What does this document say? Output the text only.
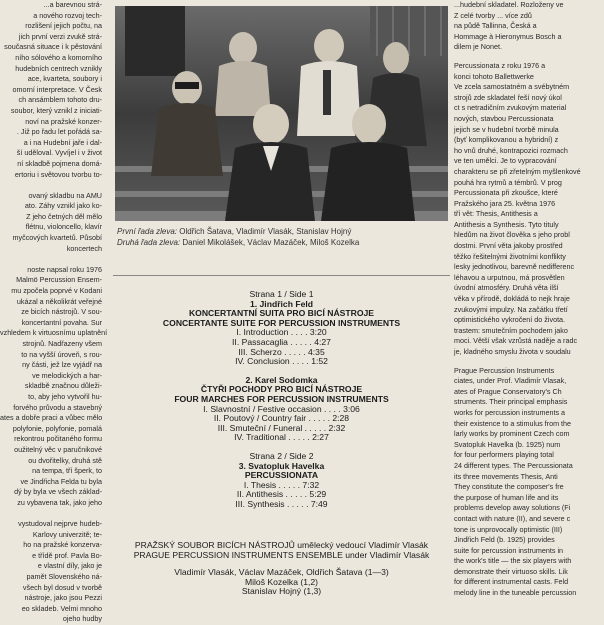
...a barevnou strá-

a nového rozvoj tech-

rozlišení jejich počtu, na

jich první verzi zvukě strá-

současná situace i k pěstování

ního sólového a komorního

hudebních centrech vznikly

ace, kvarteta, soubory i

omorní interpretace. V Česk

ch ansámblem tohoto dru-

soubor, který vznikl z iniciati-

noví na pražské konzer-

. Již po řadu let pořádá sa-

a i na Hudební jaře i dal-

ší uděloval. Vyvíjel i v život

ní skladbě pojmena domá-

ertoriu i světovou tvorbu to-

ovaný skladbu na AMU

ato. Záhy vznikl jako ko-

Z jeho četných děl mělo

flétnu, violoncello, klavír

myčcových kvartetů. Působí

koncertech

noste napsal roku 1976

Malmö Percussion Ensem-

mu zpočela poprvé v Kodani

ukázal a několikrát veřejné

ze bicích nástrojů. V sou-

koncertantní povaha. Sur

vzhledem k virtuosnímu uplatnění

strojnů. Nadřazeny všem

to na vyšší úroveň, s rou-

ny části, jež lze vyjádř na

ve melodických a har-

skladbě značnou důleži-

to, aby jeho vytvořil hu-

forvého průvodu a stavebný

ates a dobře praci a vůbec mělo

polyfonie, polyfonie, pomalá

rekontrou počitaného formu

oužitelný věc v paručnikové

ou dvořitelky, druhá stě

na tempa, tří šperk, to

ve Jindřicha Felda tu byla

dý by byla ve všech základ-

zu vybavena tak, jako jeho

vystudoval nejprve hudeb-

Karlovy univerzitě; te-

ho na pražské konzerva-

e třídě prof. Pavla Bo-

e vlastní díly, jako je

pamět Slovenského ná-

všech byl dosud v tvorbě

nástroje, jako jsou Pezzi

eo skladeb. Velmi mnoho

ojeho hudby

První řada zleva: Oldřich Šatava, Vladimír Vlasák, Stanislav Hojný
Druhá řada zleva: Daniel Mikolášek, Václav Mazáček, Miloš Kozelka

Strana 1 / Side 1

1. Jindřich Feld

KONCERTANTNÍ SUITA PRO BICÍ NÁSTROJE

CONCERTANTE SUITE FOR PERCUSSION INSTRUMENTS

I. Introduction . . . . 3:20

II. Passacaglia . . . . . 4:27

III. Scherzo . . . . . 4:35

IV. Conclusion . . . . 1:52

2. Karel Sodomka

ČTYŘI POCHODY PRO BICÍ NÁSTROJE

FOUR MARCHES FOR PERCUSSION INSTRUMENTS

I. Slavnostní / Festive occasion . . . . 3:06

II. Poutový / Country fair . . . . . 2:28

III. Smuteční / Funeral . . . . . 2:32

IV. Traditional . . . . . 2:27

Strana 2 / Side 2

3. Svatopluk Havelka

PERCUSSIONATA

I. Thesis . . . . . 7:32

II. Antithesis . . . . . 5:29

III. Synthesis . . . . . 7:49

PRAŽSKÝ SOUBOR BICÍCH NÁSTROJŮ umělecký vedoucí Vladimír Vlasák

PRAGUE PERCUSSION INSTRUMENTS ENSEMBLE under Vladimír Vlasák

Vladimír Vlasák, Václav Mazáček, Oldřich Šatava (1—3)

Miloš Kozelka (1,2)

Stanislav Hojný (1,3)

...hudební skladatel. Rozloženy ve

Z celé tvorby ... více zdů

na půdě Tallinna, Česká a

Hommage à Hieronymus Bosch a

dilem je Nonet.

Percussionata z roku 1976 a

konci tohoto Ballettwerke

Ve zcela samostatném a svébytném

strojů zde skladatel řeší nový úkol

ct s netradičním zvukovým material

nových, stavbou Percussionata

jejich se v hudební tvorbě minula

(byť komplikovanou a hybridní) z

ho vnů druhé, kontrapozici rozmach

ve ten umělci. Je to vypracování

charakteru se při zřetelným myšlenkové

pouhá hra rytmů a témbrů. V prog

Percussionata při zkoušce, které

Pražského jara 25. května 1976

tří vět: Thesis, Antithesis a

Antithesis a Synthesis. Tyto tituly

hledům na život člověka s jeho probl

dostmi. První věta jakoby prostřed

těžko řešitelnými životními konflikty

lesky jednotlivou, barevně nedifferenc

léhavou a urputnou, má prosvětlen

úvodní atmosféry. Druhá věta ilší

věka v přírodě, dokládá to nejk hraje

zvukovými impulzy. Na začátku třetí

optimistického vykročení do života.

trastem: smutečním pochodem jako

moci. Větší však vzrůstá naděje a radc

je, kladného smyslu života v soudalu

Prague Percussion Instruments

ciates, under Prof. Vladimír Vlasak,

ates of Prague Conservatory's Ch

struments. Their principal emphasis

works for percussion instruments a

their existence to a stimulus from the

larly works by prominent Czech com

Svatopluk Havelka (b. 1925) num

for four performers playing total

24 different types. The Percussionata

its three movements Thesis, Anti

They constitute the composer's fre

the purpose of human life and its

problems develop away solutions (Fi

contact with nature (II), and severe c

tone is unprovocally optimistic (III)

Jindřich Feld (b. 1925) provides

suite for percussion instruments in

the work's title — the six players with

demonstrate their virtuoso skills. Lik

for different instrumental casts. Feld

melody line in the tuneable percussion
